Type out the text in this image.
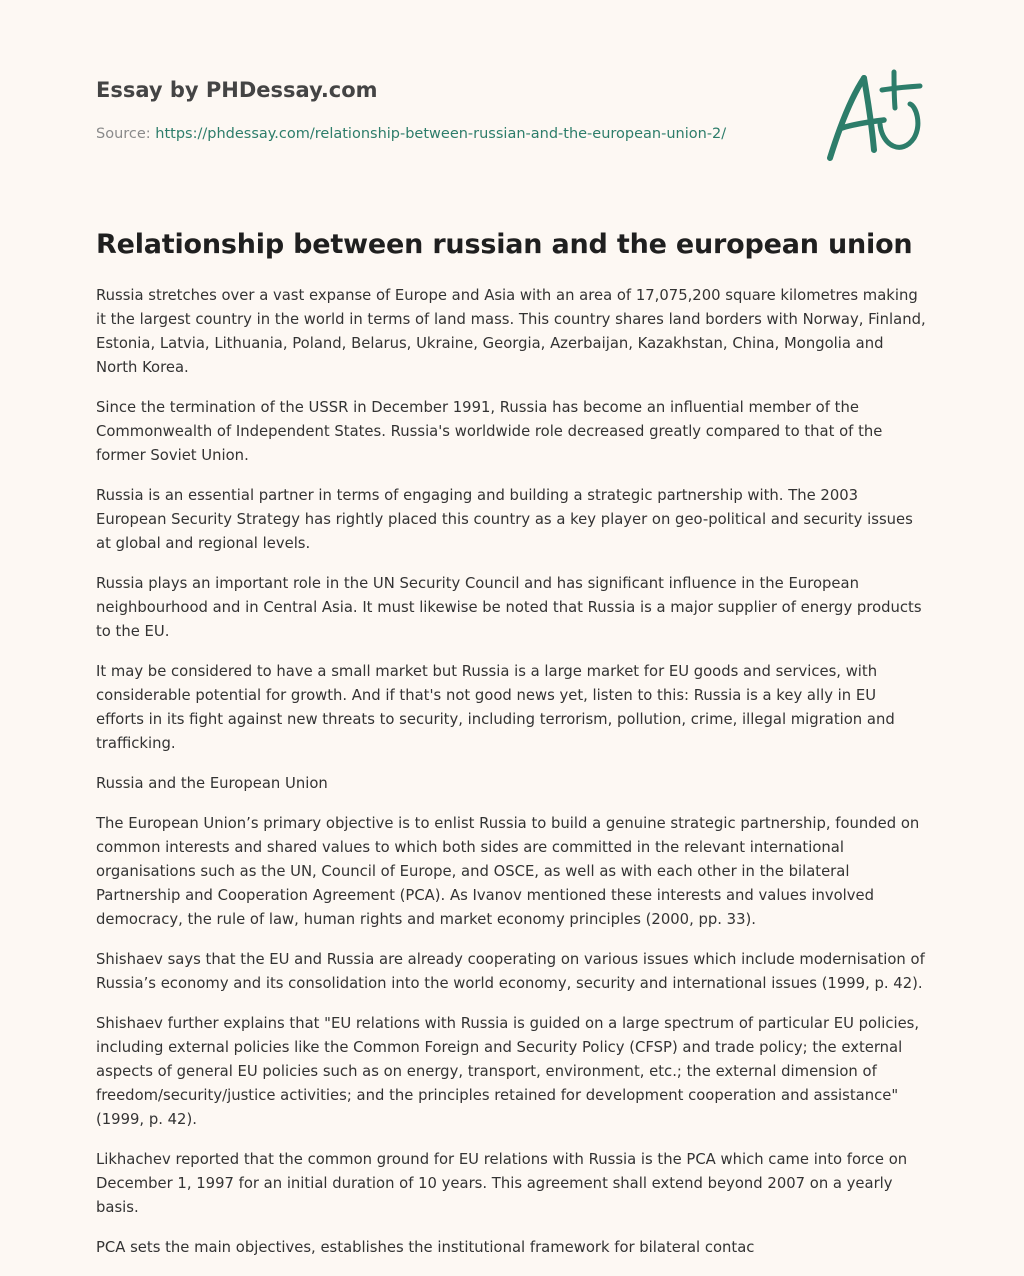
Essay by PHDessay.com
Source: https://phdessay.com/relationship-between-russian-and-the-european-union-2/
Relationship between russian and the european union

Russia stretches over a vast expanse of Europe and Asia with an area of 17,075,200 square kilometres making it the largest country in the world in terms of land mass. This country shares land borders with Norway, Finland, Estonia, Latvia, Lithuania, Poland, Belarus, Ukraine, Georgia, Azerbaijan, Kazakhstan, China, Mongolia and North Korea.

Since the termination of the USSR in December 1991, Russia has become an influential member of the Commonwealth of Independent States. Russia's worldwide role decreased greatly compared to that of the former Soviet Union.

Russia is an essential partner in terms of engaging and building a strategic partnership with. The 2003 European Security Strategy has rightly placed this country as a key player on geo-political and security issues at global and regional levels.

Russia plays an important role in the UN Security Council and has significant influence in the European neighbourhood and in Central Asia. It must likewise be noted that Russia is a major supplier of energy products to the EU.

It may be considered to have a small market but Russia is a large market for EU goods and services, with considerable potential for growth. And if that's not good news yet, listen to this: Russia is a key ally in EU efforts in its fight against new threats to security, including terrorism, pollution, crime, illegal migration and trafficking.

Russia and the European Union

The European Union’s primary objective is to enlist Russia to build a genuine strategic partnership, founded on common interests and shared values to which both sides are committed in the relevant international organisations such as the UN, Council of Europe, and OSCE, as well as with each other in the bilateral Partnership and Cooperation Agreement (PCA). As Ivanov mentioned these interests and values involved democracy, the rule of law, human rights and market economy principles (2000, pp. 33).

Shishaev says that the EU and Russia are already cooperating on various issues which include modernisation of Russia’s economy and its consolidation into the world economy, security and international issues (1999, p. 42).

Shishaev further explains that "EU relations with Russia is guided on a large spectrum of particular EU policies, including external policies like the Common Foreign and Security Policy (CFSP) and trade policy; the external aspects of general EU policies such as on energy, transport, environment, etc.; the external dimension of freedom/security/justice activities; and the principles retained for development cooperation and assistance" (1999, p. 42).

Likhachev reported that the common ground for EU relations with Russia is the PCA which came into force on December 1, 1997 for an initial duration of 10 years. This agreement shall extend beyond 2007 on a yearly basis.

PCA sets the main objectives, establishes the institutional framework for bilateral contac
